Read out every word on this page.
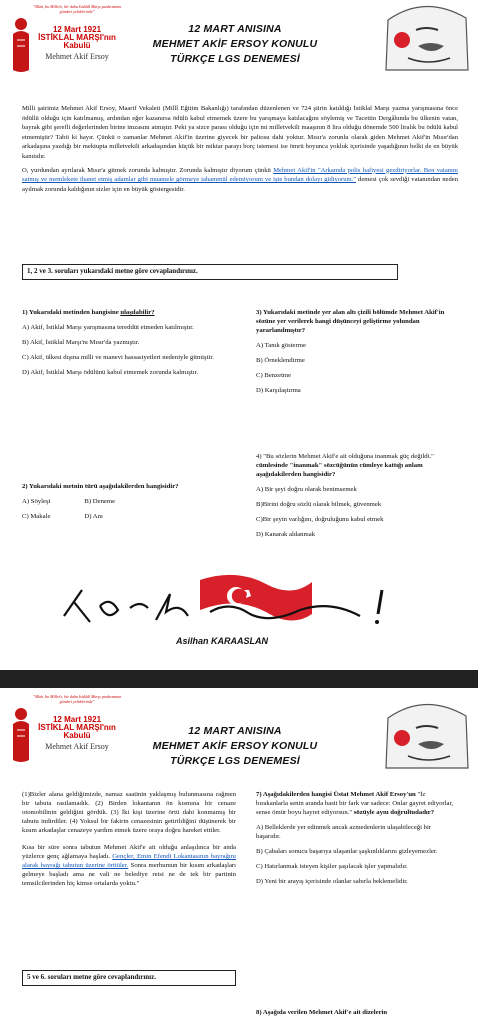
"Allah, bu Millet'e, bir daha İstiklâl Marşı yazdırmasın gönderi yeleklerimle"
12 Mart 1921
İSTİKLAL MARŞI'nın
Kabulü
Mehmet Akif Ersoy
12 MART ANISINA
MEHMET AKİF ERSOY KONULU
TÜRKÇE LGS DENEMESİ

Milli şairimiz Mehmet Akif Ersoy, Maarif Vekaleti (Millî Eğitim Bakanlığı) tarafından düzenlenen ve 724 şiirin katıldığı İstiklal Marşı yazma yarışmasına önce ödüllü olduğu için katılmamış, ardından eğer kazanırsa ödülü kabul etmemek üzere bu yarışmaya katılacağını söylemiş ve Tacettin Dergâhında bu ülkenin vatan, bayrak gibi şerefli değerlerinden birine imzasını atmıştır. Peki ya sizce parası olduğu için mi milletvekili maaşının 8 lira olduğu dönemde 500 liralık bu ödülü kabul etmemiştir? Tabii ki hayır. Çünkü o zamanlar Mehmet Akif'in üzerine giyecek bir paltosu dahi yoktur. Mısır'a zorunlu olarak giden Mehmet Akif'in Mısır'dan arkadaşına yazdığı bir mektupta milletvekili arkadaşından küçük bir miktar parayı borç istemesi ise ömrü boyunca yokluk içerisinde yaşadığının belki de en büyük kanıtıdır.

O, yurdundan ayrılarak Mısır'a gitmek zorunda kalmıştır. Zorunda kalmıştır diyorum çünkü Mehmet Akif'in "Arkamda polis hafiyesi gezdiriyorlar. Ben vatanını satmış ve memlekete ihanet etmiş adamlar gibi muamele görmeye tahammül edemiyorum ve işte bundan dolayı gidiyorum." demesi çok sevdiği vatanından neden ayılmak zorunda kaldığının sizler için en büyük göstergesidir.

1, 2 ve 3. soruları yukarıdaki metne göre cevaplandırınız.
1) Yukarıdaki metinden hangisine ulaşılabilir?
A) Akif, İstiklal Marşı yarışmasına tereddüt etmeden katılmıştır.
B) Akif, İstiklal Marşı'nı Mısır'da yazmıştır.
C) Akif, ülkesi dışına milli ve manevi hassasiyetleri nedeniyle gitmiştir.
D) Akif, İstiklal Marşı ödülünü kabul etmemek zorunda kalmıştır.
2) Yukarıdaki metnin türü aşağıdakilerden hangisidir?
A) Söyleşi	B) Deneme
C) Makale	D) Anı
3) Yukarıdaki metinde yer alan altı çizili bölümde Mehmet Akif'in sözüne yer verilerek hangi düşünceyi geliştirme yolundan yararlanılmıştır?
A) Tanık gösterme
B) Örneklendirme
C) Benzetme
D) Karşılaştırma
4) "Bu sözlerin Mehmet Akif'e ait olduğuna inanmak güç değildi." cümlesinde "inanmak" sözcüğünün cümleye kattığı anlam aşağıdakilerden hangisidir?
A) Bir şeyi doğru olarak benimsemek
B)Birini doğru sözlü olarak bilmek, güvenmek
C)Bir şeyin varlığını, doğruluğunu kabul etmek
D) Kanarak aldanmak
Asilhan KARAASLAN
"Allah, bu Millet'e, bir daha İstiklâl Marşı yazdırmasın gönderi yeleklerimle"
12 Mart 1921
İSTİKLAL MARŞI'nın
Kabulü
Mehmet Akif Ersoy
12 MART ANISINA
MEHMET AKİF ERSOY KONULU
TÜRKÇE LGS DENEMESİ
(1)Bizler alana geldiğimizde, namaz saatinin yaklaşmış bulunmasına rağmen bir tabuta rastlamadık. (2) Birden lokantanın ön kısmına bir cenaze otomobilinin geldiğini gördük. (3) İki kişi üzerine örtü dahi konmamış bir tabutu indirdiler. (4) Yoksul bir fakirin cenazesinin getirildiğini düşünerek bir kısım arkadaşlar cenazeye yardım etmek üzere oraya doğru hareket ettiler.
Kısa bir süre sonra tabutun Mehmet Akif'e ait olduğu anlaşılınca bir anda yüzlerce genç ağlamaya başladı. Gençler, Emin Efendi Lokantasının bayrağını alarak bayrağı tabutun üzerine örttüler. Sonra merhumun bir kısım arkadaşları gelmeye başladı ama ne vali ne belediye reisi ne de tek bir partinin temsilcilerinden hiç kimse ortalarda yoktu.''
5 ve 6. soruları metne göre cevaplandırınız.
7) Aşağıdakilerden hangisi Üstat Mehmet Akif Ersoy'un "İz bırakanlarla senin aranda basit bir fark var sadece: Onlar gayret ediyorlar, sense ömür boyu hayret ediyorsun." sözüyle aynı doğrultudadır?
A) Belleklerde yer edinmek ancak azmedenlerin ulaşabileceği bir başarıdır.
B) Çabaları sonucu başarıya ulaşanlar şaşkınlıklarını gizleyemezler.
C) Hatırlanmak isteyen kişiler şaşılacak işler yapmalıdır.
D) Yeni bir arayış içerisinde olanlar sabırla beklemelidir.
8) Aşağıda verilen Mehmet Akif'e ait dizelerin
